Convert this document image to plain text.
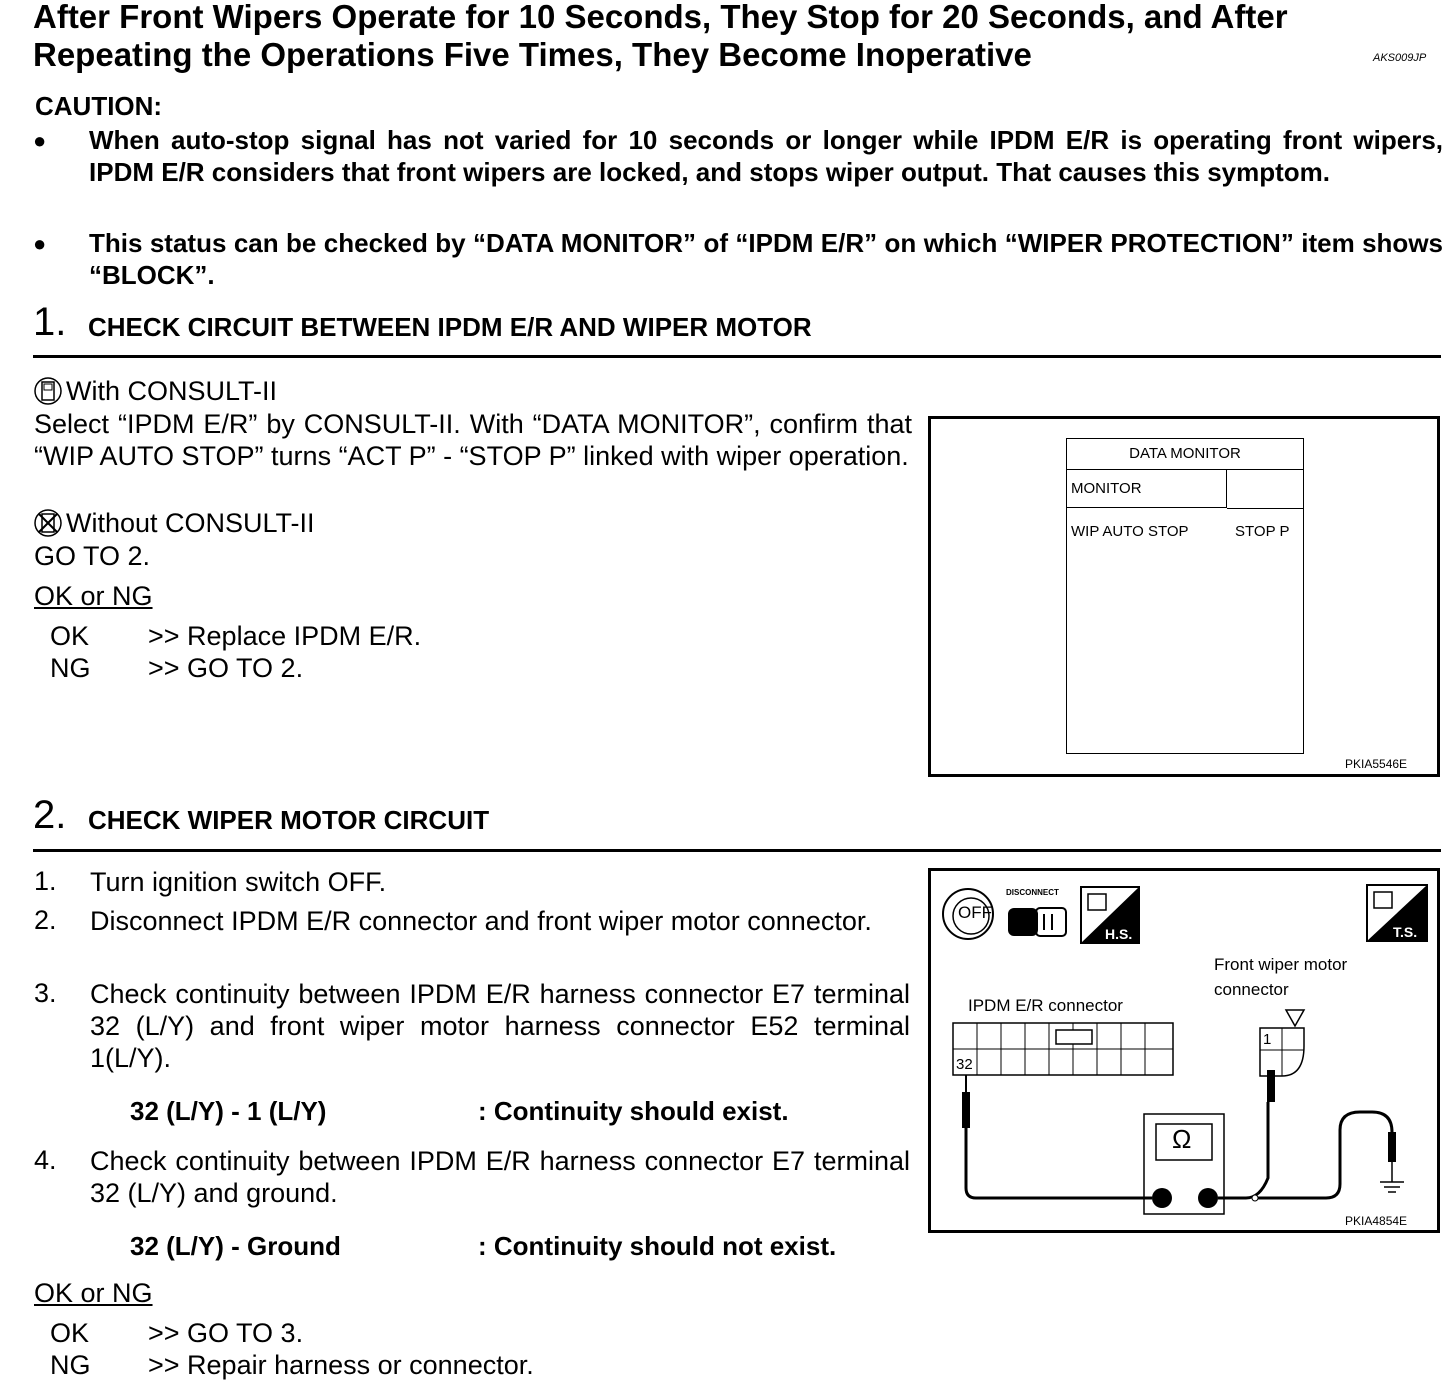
After Front Wipers Operate for 10 Seconds, They Stop for 20 Seconds, and After Repeating the Operations Five Times, They Become Inoperative	AKS009JP
CAUTION:
● When auto-stop signal has not varied for 10 seconds or longer while IPDM E/R is operating front wipers, IPDM E/R considers that front wipers are locked, and stops wiper output. That causes this symptom.
● This status can be checked by “DATA MONITOR” of “IPDM E/R” on which “WIPER PROTECTION” item shows “BLOCK”.
1. CHECK CIRCUIT BETWEEN IPDM E/R AND WIPER MOTOR
With CONSULT-II
Select “IPDM E/R” by CONSULT-II. With “DATA MONITOR”, confirm that “WIP AUTO STOP” turns “ACT P” - “STOP P” linked with wiper operation.
Without CONSULT-II
GO TO 2.
OK or NG
OK >> Replace IPDM E/R.
NG >> GO TO 2.
DATA MONITOR
MONITOR
WIP AUTO STOP	STOP P
PKIA5546E
2. CHECK WIPER MOTOR CIRCUIT
1. Turn ignition switch OFF.
2. Disconnect IPDM E/R connector and front wiper motor connector.
3. Check continuity between IPDM E/R harness connector E7 terminal 32 (L/Y) and front wiper motor harness connector E52 terminal 1(L/Y).
32 (L/Y) - 1 (L/Y)	: Continuity should exist.
4. Check continuity between IPDM E/R harness connector E7 terminal 32 (L/Y) and ground.
32 (L/Y) - Ground	: Continuity should not exist.
OK or NG
OK >> GO TO 3.
NG >> Repair harness or connector.
OFF
DISCONNECT
H.S.	T.S.
Front wiper motor
connector
IPDM E/R connector
32
1
Ω
PKIA4854E
